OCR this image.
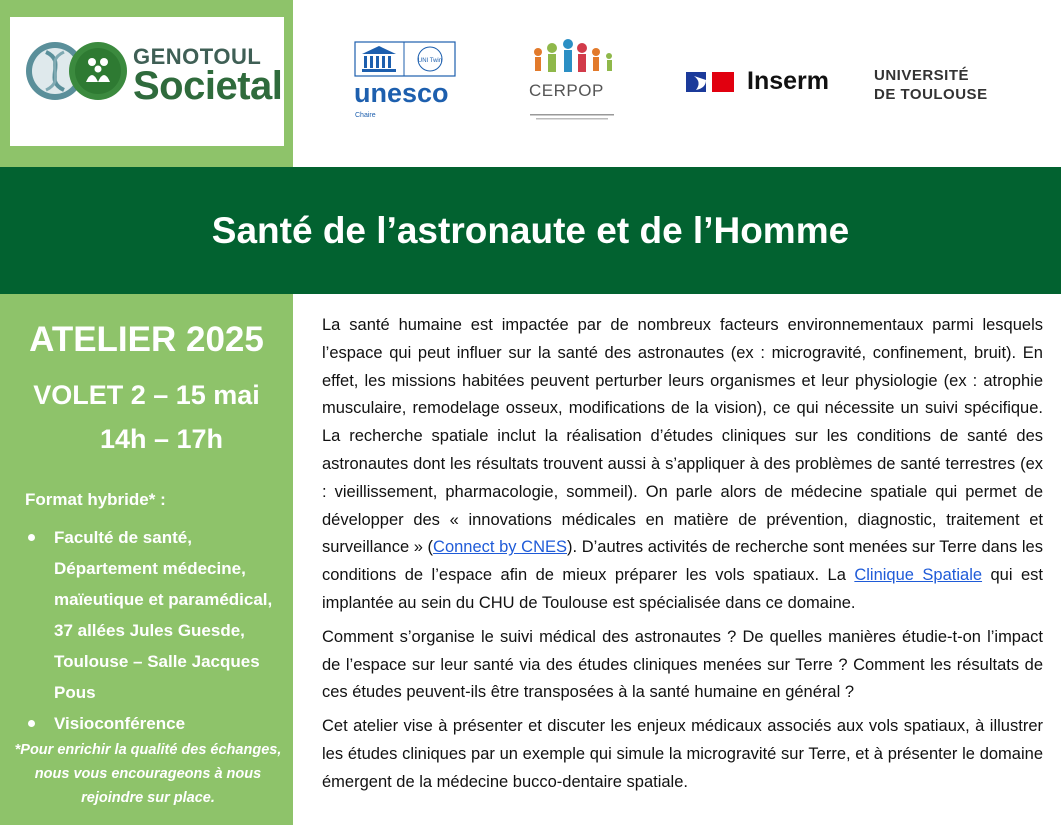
GENOTOUL
Societal
UNI Twin
unesco
Chaire
CERPOP	Inserm	UNIVERSITÉ
DE TOULOUSE
Santé de l’astronaute et de l’Homme
ATELIER 2025
VOLET 2 – 15 mai
14h – 17h
Format hybride* :
Faculté de santé, Département médecine, maïeutique et paramédical, 37 allées Jules Guesde, Toulouse – Salle Jacques Pous
Visioconférence
*Pour enrichir la qualité des échanges, nous vous encourageons à nous rejoindre sur place.

La santé humaine est impactée par de nombreux facteurs environnementaux parmi lesquels l’espace qui peut influer sur la santé des astronautes (ex : microgravité, confinement, bruit). En effet, les missions habitées peuvent perturber leurs organismes et leur physiologie (ex : atrophie musculaire, remodelage osseux, modifications de la vision), ce qui nécessite un suivi spécifique. La recherche spatiale inclut la réalisation d’études cliniques sur les conditions de santé des astronautes dont les résultats trouvent aussi à s’appliquer à des problèmes de santé terrestres (ex : vieillissement, pharmacologie, sommeil). On parle alors de médecine spatiale qui permet de développer des « innovations médicales en matière de prévention, diagnostic, traitement et surveillance » (Connect by CNES). D’autres activités de recherche sont menées sur Terre dans les conditions de l’espace afin de mieux préparer les vols spatiaux. La Clinique Spatiale qui est implantée au sein du CHU de Toulouse est spécialisée dans ce domaine.

Comment s’organise le suivi médical des astronautes ? De quelles manières étudie-t-on l’impact de l’espace sur leur santé via des études cliniques menées sur Terre ? Comment les résultats de ces études peuvent-ils être transposées à la santé humaine en général ?

Cet atelier vise à présenter et discuter les enjeux médicaux associés aux vols spatiaux, à illustrer les études cliniques par un exemple qui simule la microgravité sur Terre, et à présenter le domaine émergent de la médecine bucco-dentaire spatiale.
